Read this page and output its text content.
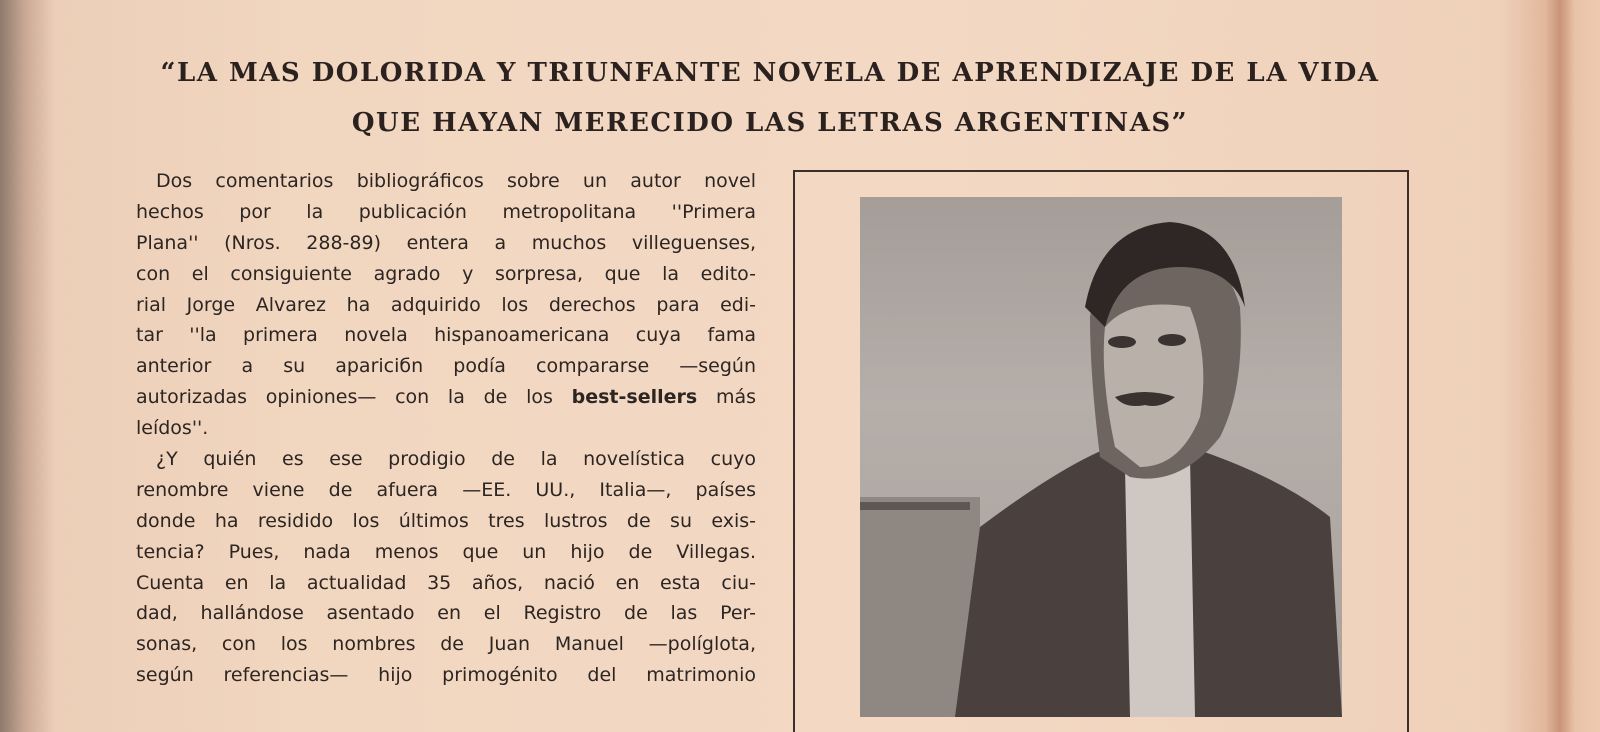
“LA MAS DOLORIDA Y TRIUNFANTE NOVELA DE APRENDIZAJE DE LA VIDA
QUE HAYAN MERECIDO LAS LETRAS ARGENTINAS”
Dos comentarios bibliográficos sobre un autor novel
hechos por la publicación metropolitana ''Primera
Plana'' (Nros. 288-89) entera a muchos villeguenses,
con el consiguiente agrado y sorpresa, que la edito-
rial Jorge Alvarez ha adquirido los derechos para edi-
tar ''la primera novela hispanoamericana cuya fama
anterior a su apariciбn podía compararse —según
autorizadas opiniones— con la de los best-sellers más
leídos''.
¿Y quién es ese prodigio de la novelística cuyo
renombre viene de afuera —EE. UU., Italia—, países
donde ha residido los últimos tres lustros de su exis-
tencia? Pues, nada menos que un hijo de Villegas.
Cuenta en la actualidad 35 años, nació en esta ciu-
dad, hallándose asentado en el Registro de las Per-
sonas, con los nombres de Juan Manuel —políglota,
según referencias— hijo primogénito del matrimonio
